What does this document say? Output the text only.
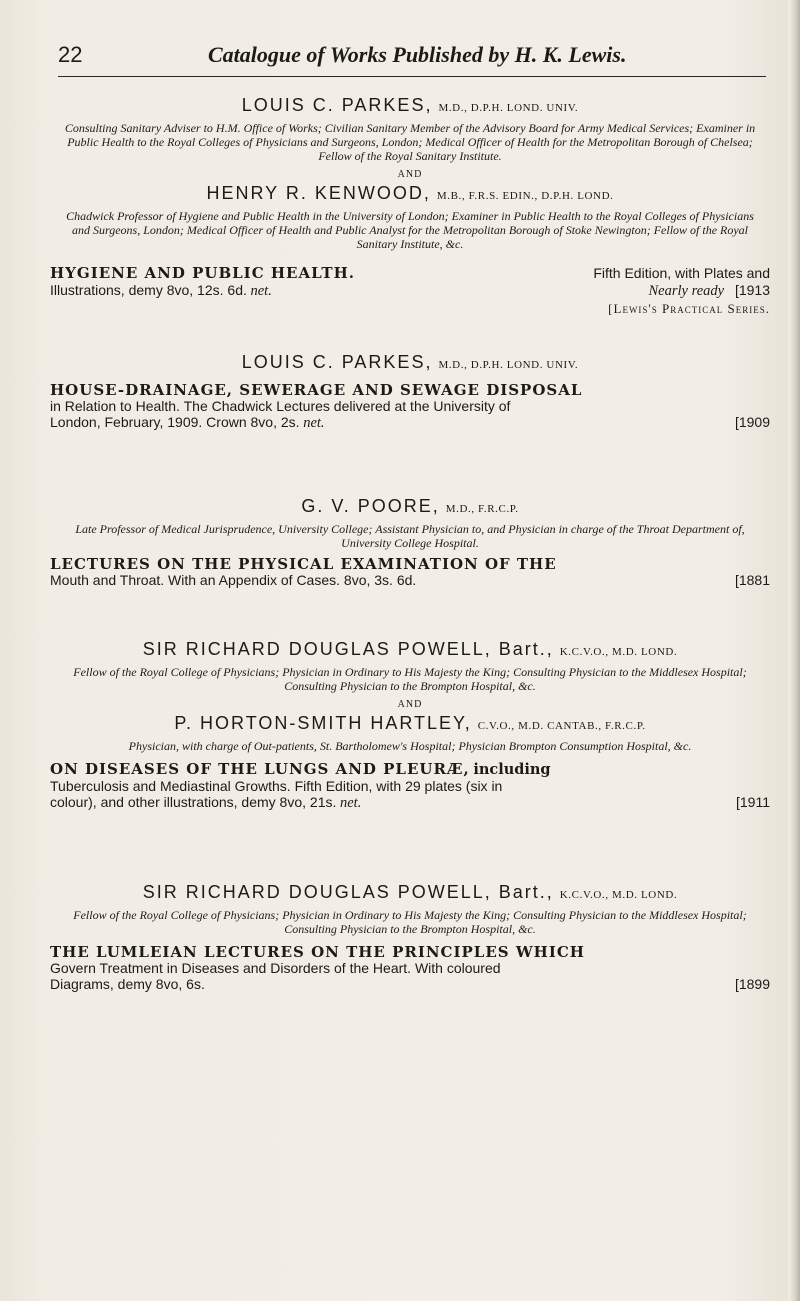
22	Catalogue of Works Published by H. K. Lewis.
LOUIS C. PARKES, M.D., D.P.H. LOND. UNIV.
Consulting Sanitary Adviser to H.M. Office of Works; Civilian Sanitary Member of the Advisory Board for Army Medical Services; Examiner in Public Health to the Royal Colleges of Physicians and Surgeons, London; Medical Officer of Health for the Metropolitan Borough of Chelsea; Fellow of the Royal Sanitary Institute.
AND
HENRY R. KENWOOD, M.B., F.R.S. EDIN., D.P.H. LOND.
Chadwick Professor of Hygiene and Public Health in the University of London; Examiner in Public Health to the Royal Colleges of Physicians and Surgeons, London; Medical Officer of Health and Public Analyst for the Metropolitan Borough of Stoke Newington; Fellow of the Royal Sanitary Institute, &c.
HYGIENE AND PUBLIC HEALTH.	Fifth Edition, with Plates and
Illustrations, demy 8vo, 12s. 6d. net.	Nearly ready [1913
[Lewis's Practical Series.
LOUIS C. PARKES, M.D., D.P.H. LOND. UNIV.
HOUSE-DRAINAGE, SEWERAGE AND SEWAGE DISPOSAL
in Relation to Health. The Chadwick Lectures delivered at the University of
London, February, 1909. Crown 8vo, 2s. net.	[1909
G. V. POORE, M.D., F.R.C.P.
Late Professor of Medical Jurisprudence, University College; Assistant Physician to, and Physician in charge of the Throat Department of, University College Hospital.
LECTURES ON THE PHYSICAL EXAMINATION OF THE
Mouth and Throat. With an Appendix of Cases. 8vo, 3s. 6d.	[1881
SIR RICHARD DOUGLAS POWELL, Bart., K.C.V.O., M.D. LOND.
Fellow of the Royal College of Physicians; Physician in Ordinary to His Majesty the King; Consulting Physician to the Middlesex Hospital; Consulting Physician to the Brompton Hospital, &c.
AND
P. HORTON-SMITH HARTLEY, C.V.O., M.D. CANTAB., F.R.C.P.
Physician, with charge of Out-patients, St. Bartholomew's Hospital; Physician Brompton Consumption Hospital, &c.
ON DISEASES OF THE LUNGS AND PLEURÆ, including
Tuberculosis and Mediastinal Growths. Fifth Edition, with 29 plates (six in
colour), and other illustrations, demy 8vo, 21s. net.	[1911
SIR RICHARD DOUGLAS POWELL, Bart., K.C.V.O., M.D. LOND.
Fellow of the Royal College of Physicians; Physician in Ordinary to His Majesty the King; Consulting Physician to the Middlesex Hospital; Consulting Physician to the Brompton Hospital, &c.
THE LUMLEIAN LECTURES ON THE PRINCIPLES WHICH
Govern Treatment in Diseases and Disorders of the Heart. With coloured
Diagrams, demy 8vo, 6s.	[1899
